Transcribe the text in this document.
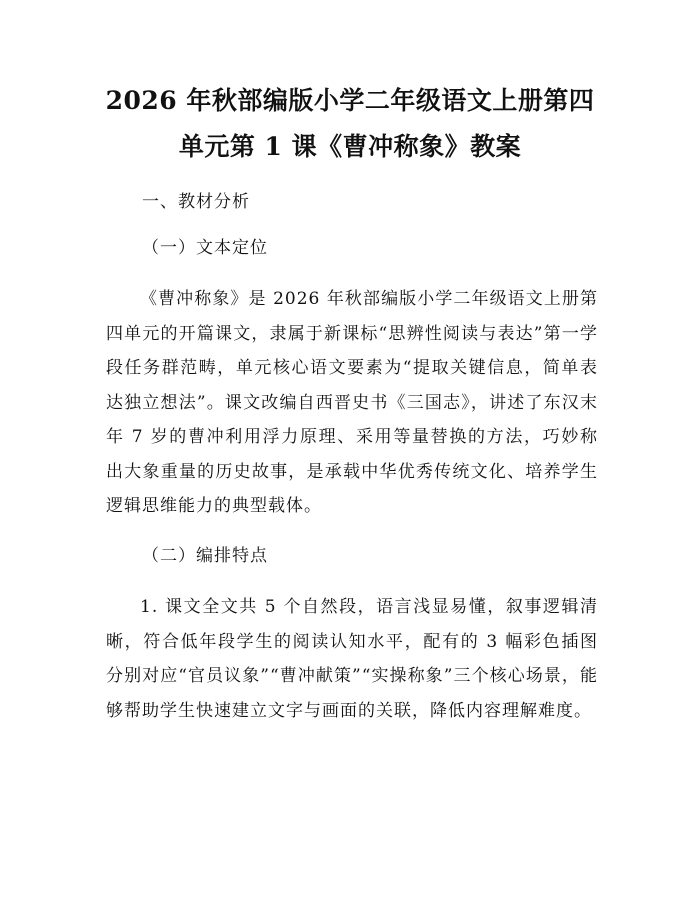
2026 年秋部编版小学二年级语文上册第四单元第 1 课《曹冲称象》教案

一、教材分析

（一）文本定位

《曹冲称象》是 2026 年秋部编版小学二年级语文上册第四单元的开篇课文，隶属于新课标“思辨性阅读与表达”第一学段任务群范畴，单元核心语文要素为“提取关键信息，简单表达独立想法”。课文改编自西晋史书《三国志》，讲述了东汉末年 7 岁的曹冲利用浮力原理、采用等量替换的方法，巧妙称出大象重量的历史故事，是承载中华优秀传统文化、培养学生逻辑思维能力的典型载体。

（二）编排特点

1. 课文全文共 5 个自然段，语言浅显易懂，叙事逻辑清晰，符合低年段学生的阅读认知水平，配有的 3 幅彩色插图分别对应“官员议象”“曹冲献策”“实操称象”三个核心场景，能够帮助学生快速建立文字与画面的关联，降低内容理解难度。
